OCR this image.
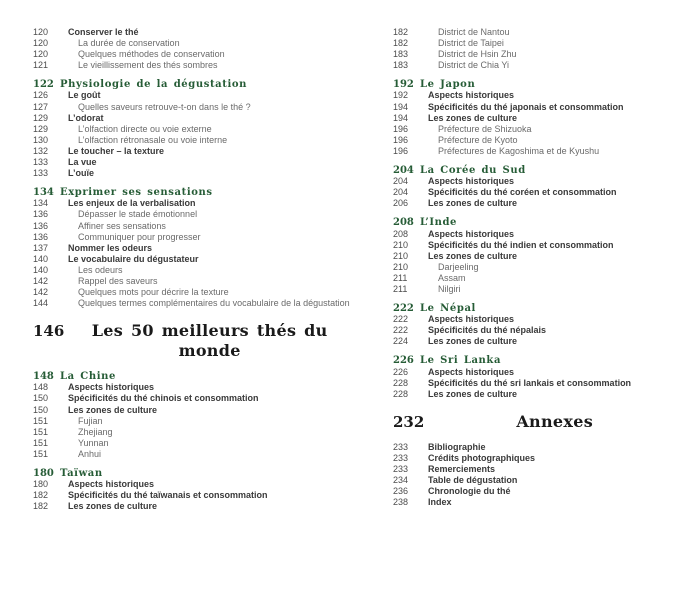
120	Conserver le thé
120	La durée de conservation
120	Quelques méthodes de conservation
121	Le vieillissement des thés sombres
122 Physiologie de la dégustation
126	Le goût
127	Quelles saveurs retrouve-t-on dans le thé ?
129	L’odorat
129	L’olfaction directe ou voie externe
130	L’olfaction rétronasale ou voie interne
132	Le toucher – la texture
133	La vue
133	L’ouïe
134 Exprimer ses sensations
134	Les enjeux de la verbalisation
136	Dépasser le stade émotionnel
136	Affiner ses sensations
136	Communiquer pour progresser
137	Nommer les odeurs
140	Le vocabulaire du dégustateur
140	Les odeurs
142	Rappel des saveurs
142	Quelques mots pour décrire la texture
144	Quelques termes complémentaires du vocabulaire de la dégustation
146	Les 50 meilleurs thés du monde
148 La Chine
148	Aspects historiques
150	Spécificités du thé chinois et consommation
150	Les zones de culture
151	Fujian
151	Zhejiang
151	Yunnan
151	Anhui
180 Taïwan
180	Aspects historiques
182	Spécificités du thé taïwanais et consommation
182	Les zones de culture
182	District de Nantou
182	District de Taipei
183	District de Hsin Zhu
183	District de Chia Yi
192 Le Japon
192	Aspects historiques
194	Spécificités du thé japonais et consommation
194	Les zones de culture
196	Préfecture de Shizuoka
196	Préfecture de Kyoto
196	Préfectures de Kagoshima et de Kyushu
204 La Corée du Sud
204	Aspects historiques
204	Spécificités du thé coréen et consommation
206	Les zones de culture
208 L’Inde
208	Aspects historiques
210	Spécificités du thé indien et consommation
210	Les zones de culture
210	Darjeeling
211	Assam
211	Nilgiri
222 Le Népal
222	Aspects historiques
222	Spécificités du thé népalais
224	Les zones de culture
226 Le Sri Lanka
226	Aspects historiques
228	Spécificités du thé sri lankais et consommation
228	Les zones de culture
232	Annexes
233	Bibliographie
233	Crédits photographiques
233	Remerciements
234	Table de dégustation
236	Chronologie du thé
238	Index
